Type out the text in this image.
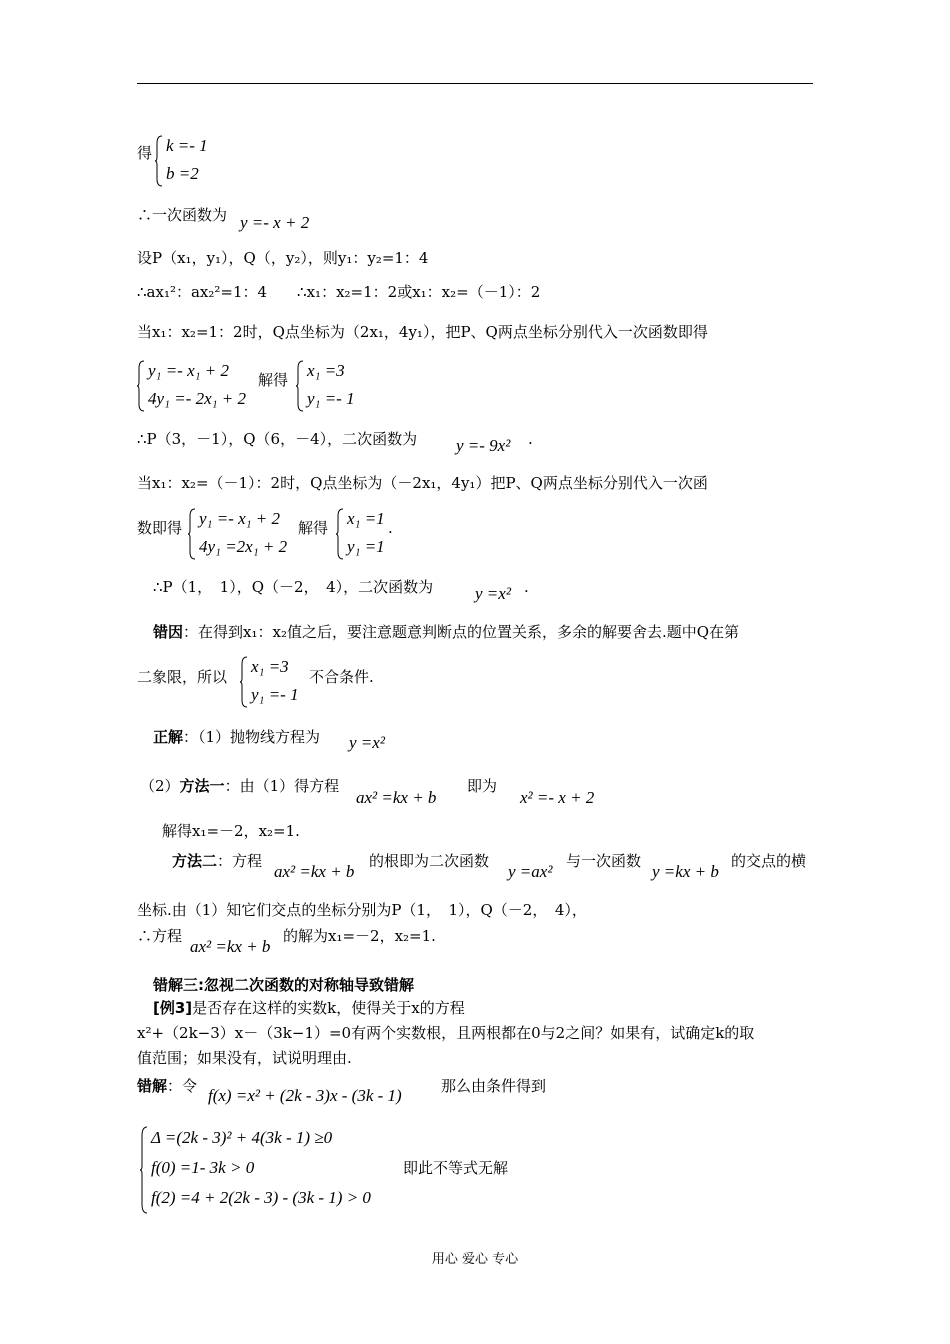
得 k =- 1
b =2
∴一次函数为 y =- x + 2
设P（x₁，y₁），Q（，y₂），则y₁：y₂=1：4
∴ax₁²：ax₂²=1：4　　∴x₁：x₂=1：2或x₁：x₂=（－1）：2
当x₁：x₂=1：2时，Q点坐标为（2x₁，4y₁），把P、Q两点坐标分别代入一次函数即得
y₁ =- x₁ + 2
4y₁ =- 2x₁ + 2
解得 x₁ =3
y₁ =- 1
∴P（3，－1），Q（6，－4），二次函数为 y =- 9x² .
当x₁：x₂=（－1）：2时，Q点坐标为（－2x₁，4y₁）把P、Q两点坐标分别代入一次函
数即得 y₁ =- x₁ + 2
4y₁ =2x₁ + 2
解得 x₁ =1
y₁ =1
.
∴P（1，　1），Q（－2，　4），二次函数为 y =x² .
错因：在得到x₁：x₂值之后，要注意题意判断点的位置关系，多余的解要舍去.题中Q在第
二象限，所以
x₁ =3
y₁ =- 1
不合条件.
正解：（1）抛物线方程为 y =x²
（2）方法一：由（1）得方程
ax² =kx + b
即为
x² =- x + 2
解得x₁=－2，x₂=1.
方法二：方程
ax² =kx + b
的根即为二次函数
y =ax²
与一次函数
y =kx + b
的交点的横
坐标.由（1）知它们交点的坐标分别为P（1，　1），Q（－2，　4），
∴方程
ax² =kx + b
的解为x₁=－2，x₂=1.
错解三:忽视二次函数的对称轴导致错解
[例3]是否存在这样的实数k，使得关于x的方程
x²+（2k−3）x－（3k−1）=0有两个实数根，且两根都在0与2之间？如果有，试确定k的取
值范围；如果没有，试说明理由.
错解：令 f(x) =x² + (2k - 3)x - (3k - 1)	那么由条件得到
Δ =(2k - 3)² + 4(3k - 1) ≥0
f(0) =1- 3k > 0
f(2) =4 + 2(2k - 3) - (3k - 1) > 0
即此不等式无解
用心 爱心 专心
